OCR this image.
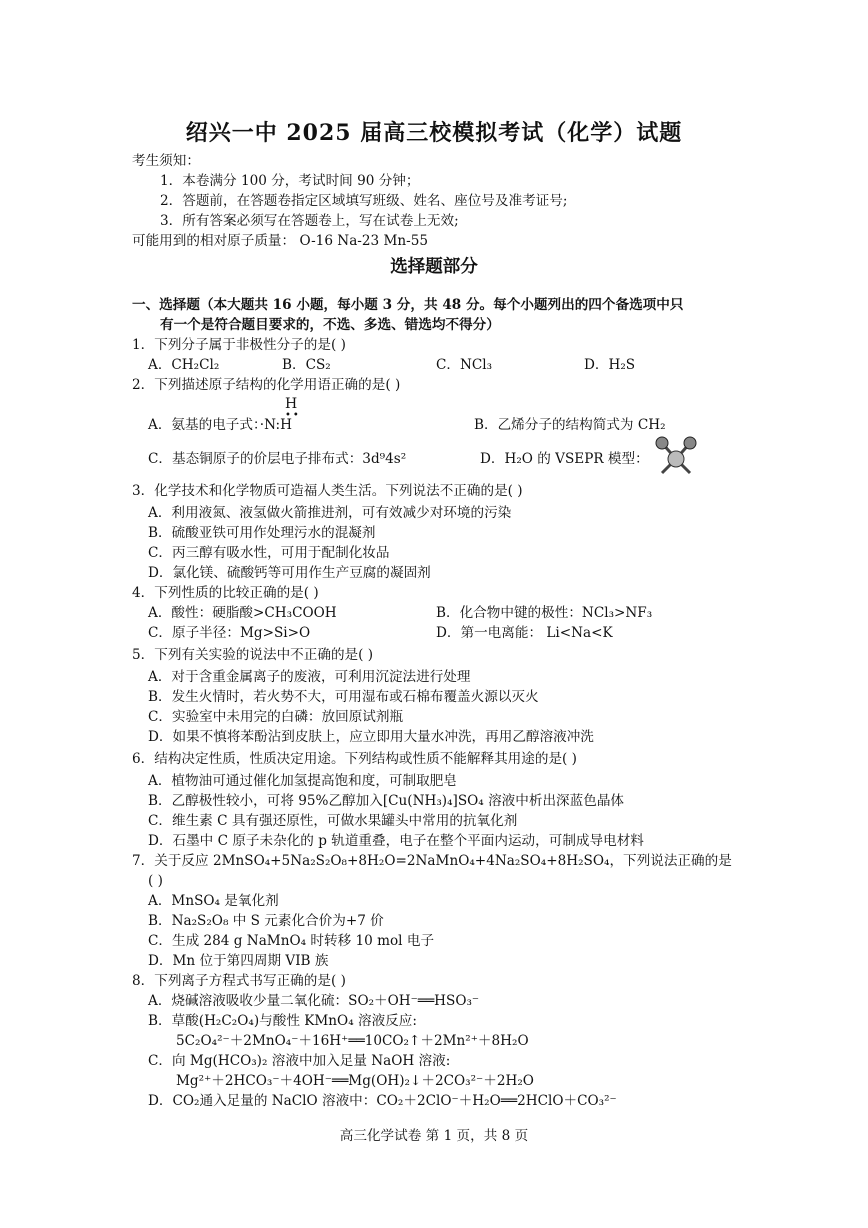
绍兴一中 2025 届高三校模拟考试（化学）试题
考生须知：
1．本卷满分 100 分，考试时间 90 分钟；
2．答题前，在答题卷指定区域填写班级、姓名、座位号及准考证号;
3．所有答案必须写在答题卷上，写在试卷上无效;
可能用到的相对原子质量： O-16 Na-23 Mn-55
选择题部分
一、选择题（本大题共 16 小题，每小题 3 分，共 48 分。每个小题列出的四个备选项中只
有一个是符合题目要求的，不选、多选、错选均不得分）
1．下列分子属于非极性分子的是( )
A．CH₂Cl₂	B．CS₂	C．NCl₃	D．H₂S
2．下列描述原子结构的化学用语正确的是( )
H
••
A．氨基的电子式：·N:H	B．乙烯分子的结构简式为 CH₂
C．基态铜原子的价层电子排布式：3d⁹4s²	D．H₂O 的 VSEPR 模型：
3．化学技术和化学物质可造福人类生活。下列说法不正确的是( )
A．利用液氮、液氢做火箭推进剂，可有效减少对环境的污染
B．硫酸亚铁可用作处理污水的混凝剂
C．丙三醇有吸水性，可用于配制化妆品
D．氯化镁、硫酸钙等可用作生产豆腐的凝固剂
4．下列性质的比较正确的是( )
A．酸性：硬脂酸>CH₃COOH	B．化合物中键的极性：NCl₃>NF₃
C．原子半径：Mg>Si>O	D．第一电离能： Li<Na<K
5．下列有关实验的说法中不正确的是( )
A．对于含重金属离子的废液，可利用沉淀法进行处理
B．发生火情时，若火势不大，可用湿布或石棉布覆盖火源以灭火
C．实验室中未用完的白磷：放回原试剂瓶
D．如果不慎将苯酚沾到皮肤上，应立即用大量水冲洗，再用乙醇溶液冲洗
6．结构决定性质，性质决定用途。下列结构或性质不能解释其用途的是( )
A．植物油可通过催化加氢提高饱和度，可制取肥皂
B．乙醇极性较小，可将 95%乙醇加入[Cu(NH₃)₄]SO₄ 溶液中析出深蓝色晶体
C．维生素 C 具有强还原性，可做水果罐头中常用的抗氧化剂
D．石墨中 C 原子未杂化的 p 轨道重叠，电子在整个平面内运动，可制成导电材料
7．关于反应 2MnSO₄+5Na₂S₂O₈+8H₂O=2NaMnO₄+4Na₂SO₄+8H₂SO₄，下列说法正确的是
( )
A．MnSO₄ 是氧化剂
B．Na₂S₂O₈ 中 S 元素化合价为+7 价
C．生成 284 g NaMnO₄ 时转移 10 mol 电子
D．Mn 位于第四周期 VIB 族
8．下列离子方程式书写正确的是( )
A．烧碱溶液吸收少量二氧化硫：SO₂＋OH⁻══HSO₃⁻
B．草酸(H₂C₂O₄)与酸性 KMnO₄ 溶液反应:
5C₂O₄²⁻＋2MnO₄⁻＋16H⁺══10CO₂↑＋2Mn²⁺＋8H₂O
C．向 Mg(HCO₃)₂ 溶液中加入足量 NaOH 溶液:
Mg²⁺＋2HCO₃⁻＋4OH⁻══Mg(OH)₂↓＋2CO₃²⁻＋2H₂O
D．CO₂通入足量的 NaClO 溶液中：CO₂＋2ClO⁻＋H₂O══2HClO＋CO₃²⁻
高三化学试卷 第 1 页，共 8 页
